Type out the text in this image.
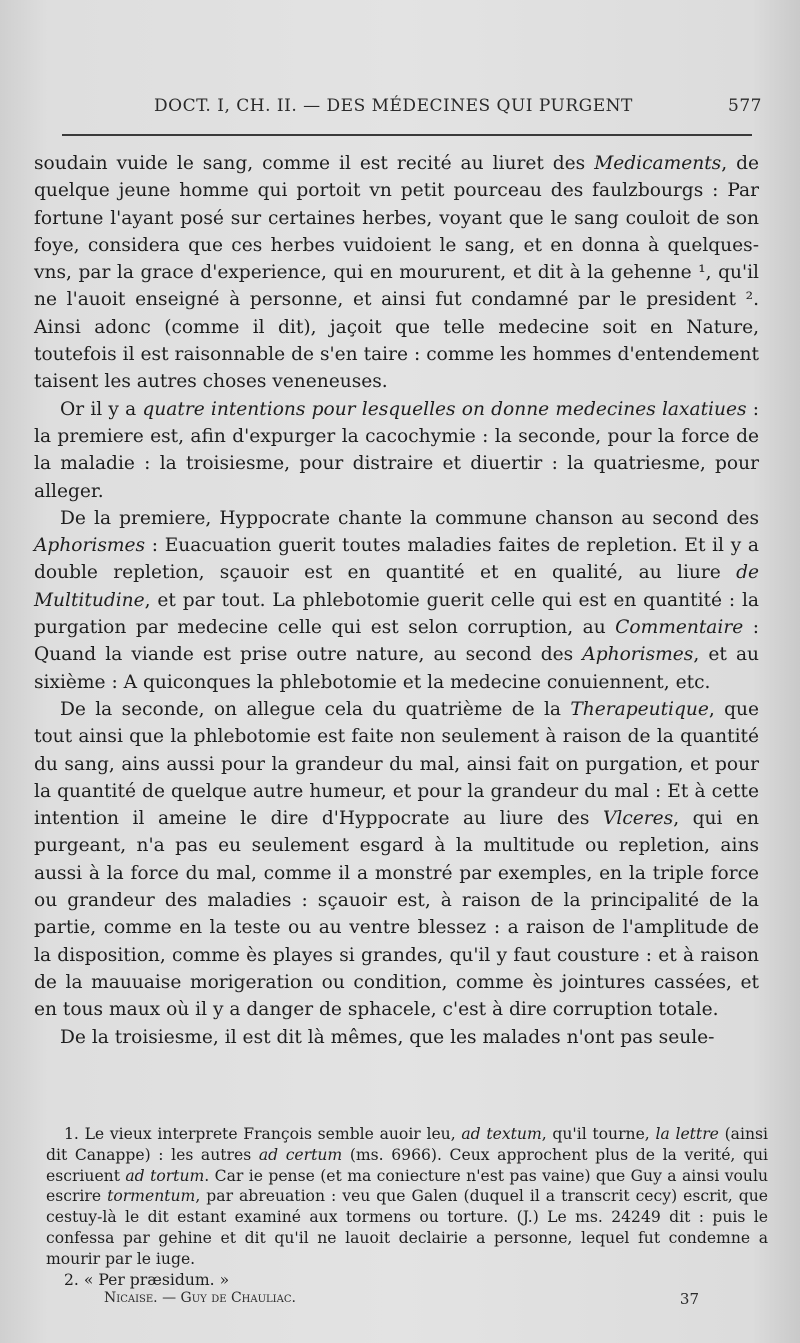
DOCT. I, CH. II. — DES MÉDECINES QUI PURGENT	577

soudain vuide le sang, comme il est recité au liuret des Medicaments, de quelque jeune homme qui portoit vn petit pourceau des faulzbourgs : Par fortune l'ayant posé sur certaines herbes, voyant que le sang couloit de son foye, considera que ces herbes vuidoient le sang, et en donna à quelques-vns, par la grace d'experience, qui en moururent, et dit à la gehenne ¹, qu'il ne l'auoit enseigné à personne, et ainsi fut condamné par le president ². Ainsi adonc (comme il dit), jaçoit que telle medecine soit en Nature, toutefois il est raisonnable de s'en taire : comme les hommes d'entendement taisent les autres choses veneneuses.

Or il y a quatre intentions pour lesquelles on donne medecines laxatiues : la premiere est, afin d'expurger la cacochymie : la seconde, pour la force de la maladie : la troisiesme, pour distraire et diuertir : la quatriesme, pour alleger.

De la premiere, Hyppocrate chante la commune chanson au second des Aphorismes : Euacuation guerit toutes maladies faites de repletion. Et il y a double repletion, sçauoir est en quantité et en qualité, au liure de Multitudine, et par tout. La phlebotomie guerit celle qui est en quantité : la purgation par medecine celle qui est selon corruption, au Commentaire : Quand la viande est prise outre nature, au second des Aphorismes, et au sixième : A quiconques la phlebotomie et la medecine conuiennent, etc.

De la seconde, on allegue cela du quatrième de la Therapeutique, que tout ainsi que la phlebotomie est faite non seulement à raison de la quantité du sang, ains aussi pour la grandeur du mal, ainsi fait on purgation, et pour la quantité de quelque autre humeur, et pour la grandeur du mal : Et à cette intention il ameine le dire d'Hyppocrate au liure des Vlceres, qui en purgeant, n'a pas eu seulement esgard à la multitude ou repletion, ains aussi à la force du mal, comme il a monstré par exemples, en la triple force ou grandeur des maladies : sçauoir est, à raison de la principalité de la partie, comme en la teste ou au ventre blessez : a raison de l'amplitude de la disposition, comme ès playes si grandes, qu'il y faut cousture : et à raison de la mauuaise morigeration ou condition, comme ès jointures cassées, et en tous maux où il y a danger de sphacele, c'est à dire corruption totale.

De la troisiesme, il est dit là mêmes, que les malades n'ont pas seule-

1. Le vieux interprete François semble auoir leu, ad textum, qu'il tourne, la lettre (ainsi dit Canappe) : les autres ad certum (ms. 6966). Ceux approchent plus de la verité, qui escriuent ad tortum. Car ie pense (et ma coniecture n'est pas vaine) que Guy a ainsi voulu escrire tormentum, par abreuation : veu que Galen (duquel il a transcrit cecy) escrit, que cestuy-là le dit estant examiné aux tormens ou torture. (J.) Le ms. 24249 dit : puis le confessa par gehine et dit qu'il ne lauoit declairie a personne, lequel fut condemne a mourir par le iuge.

2. « Per præsidum. »

Nicaise. — Guy de Chauliac.	37
